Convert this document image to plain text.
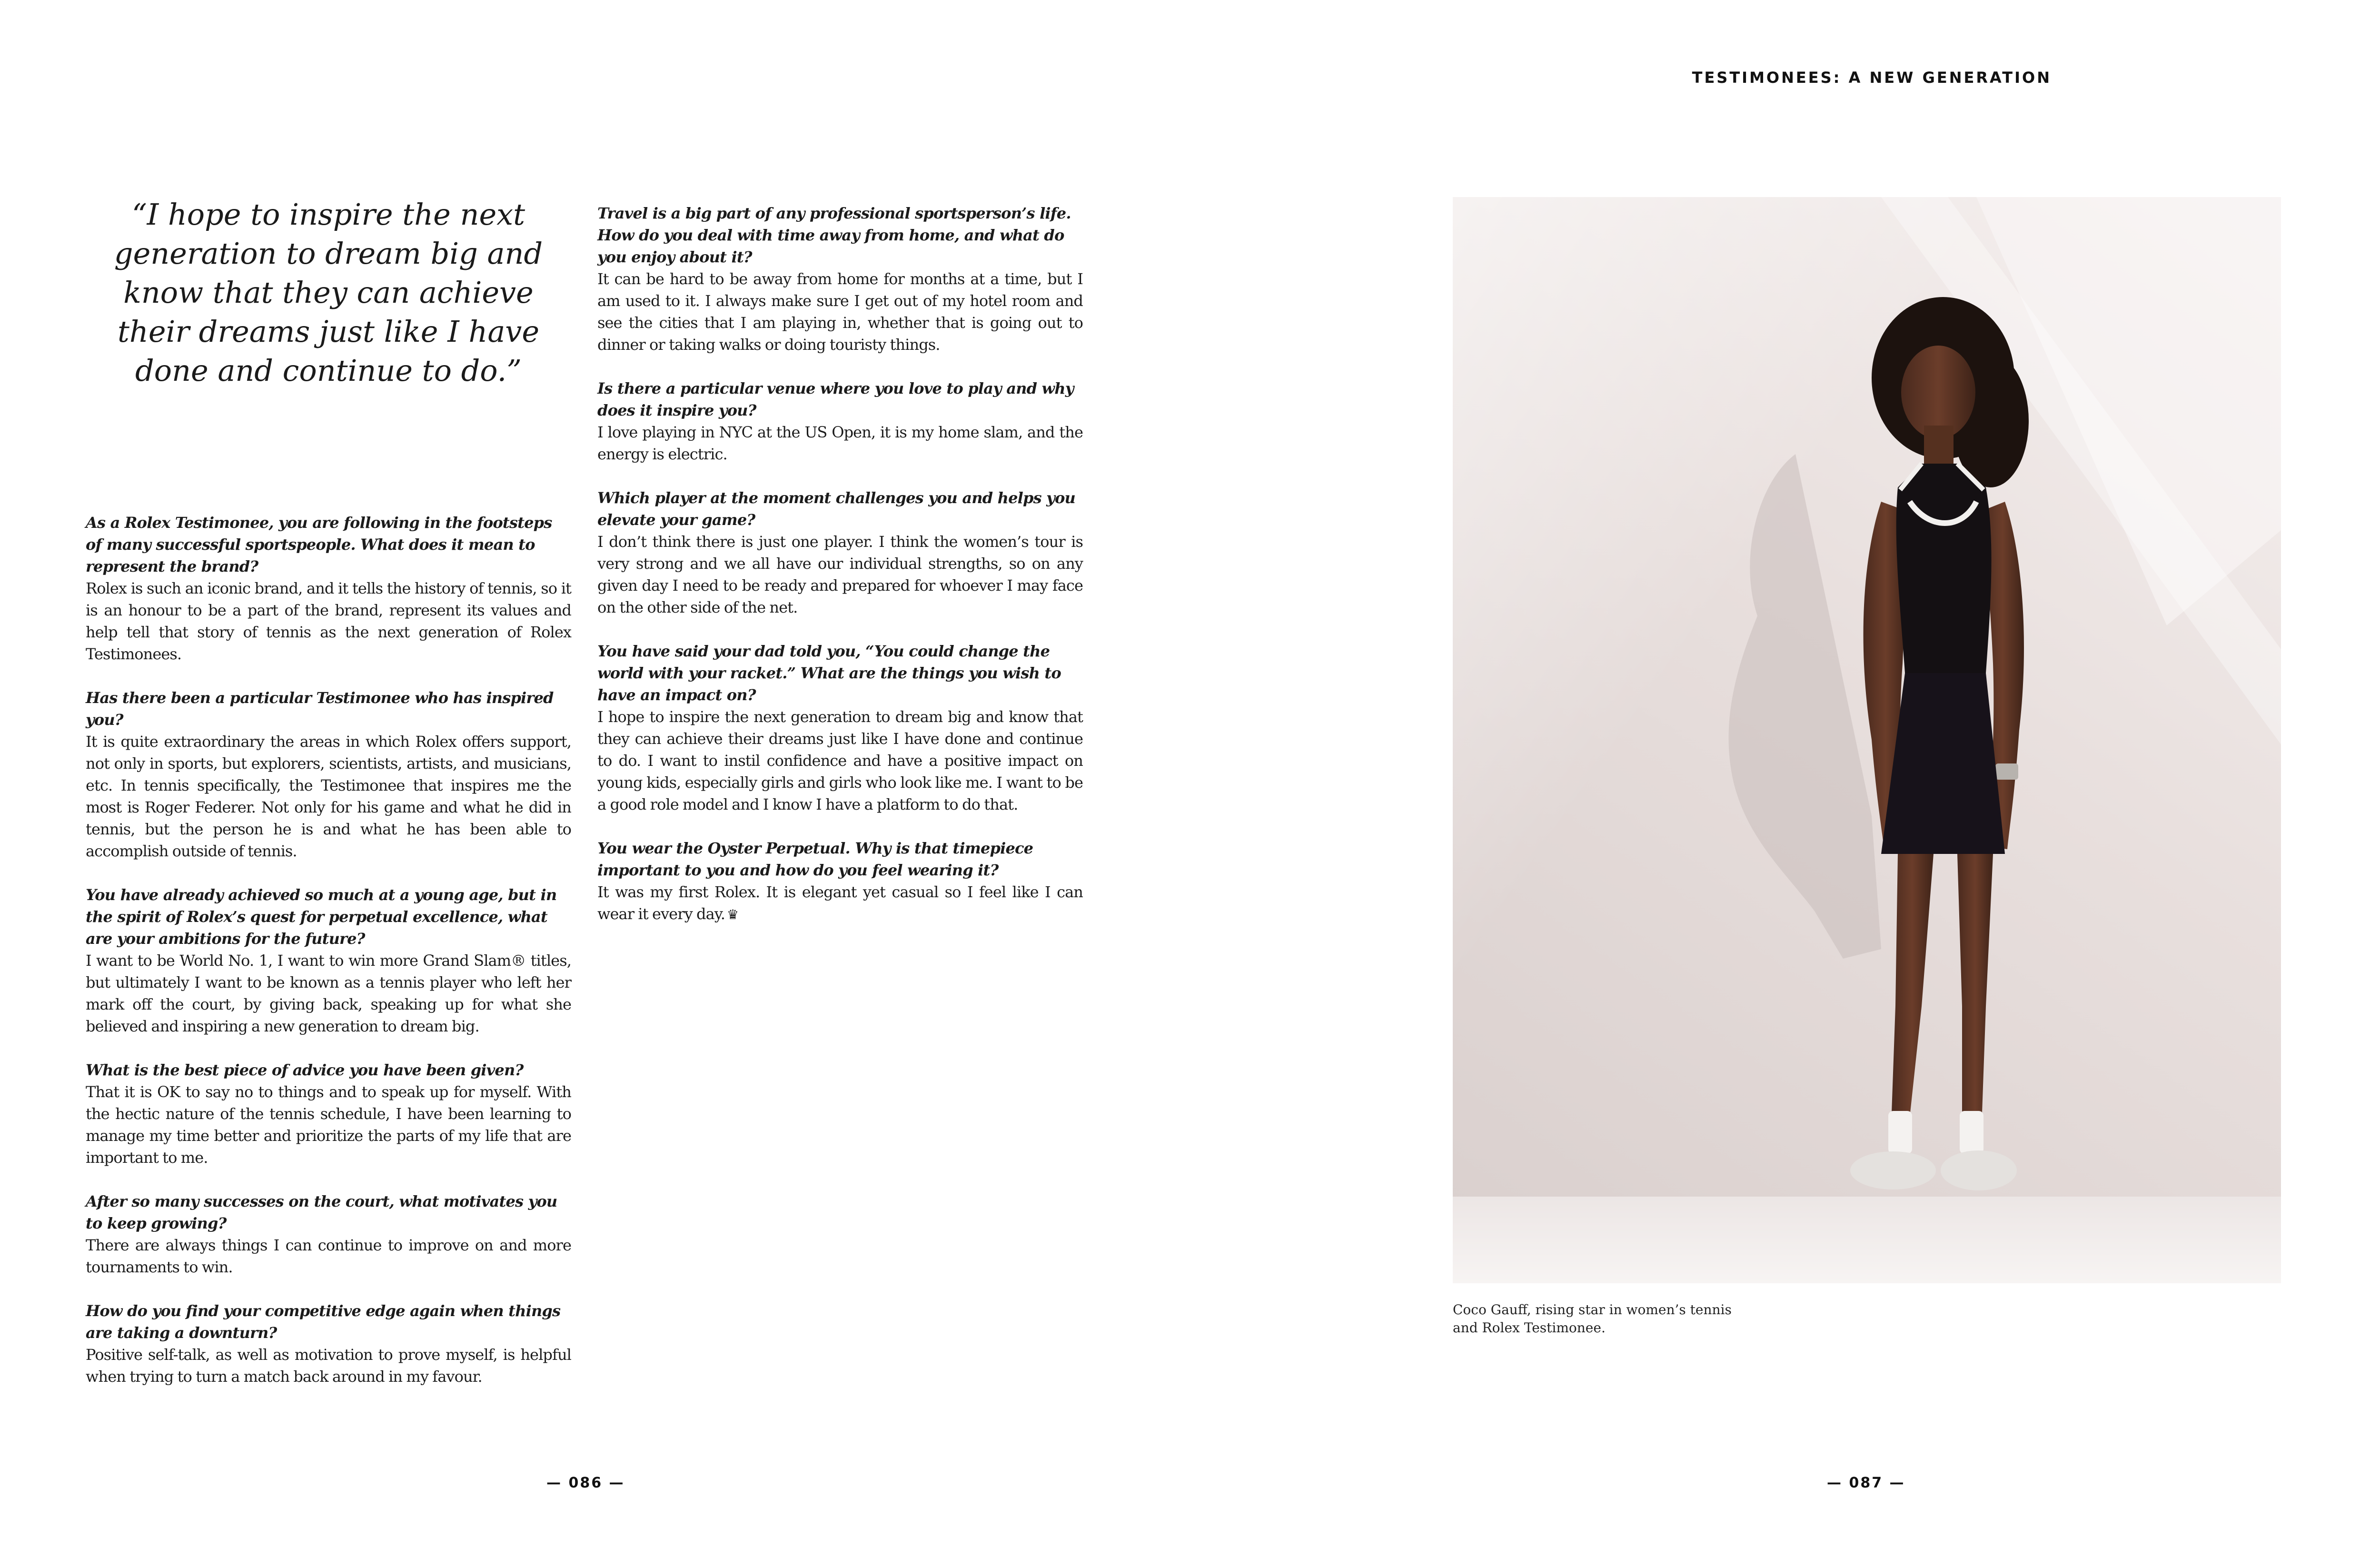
TESTIMONEES: A NEW GENERATION
“I hope to inspire the next generation to dream big and know that they can achieve their dreams just like I have done and continue to do.”

As a Rolex Testimonee, you are following in the footsteps of many successful sportspeople. What does it mean to represent the brand?

Rolex is such an iconic brand, and it tells the history of tennis, so it is an honour to be a part of the brand, represent its values and help tell that story of tennis as the next generation of Rolex Testimonees.

Has there been a particular Testimonee who has inspired you?

It is quite extraordinary the areas in which Rolex offers support, not only in sports, but explorers, scientists, artists, and musicians, etc. In tennis specifically, the Testimonee that inspires me the most is Roger Federer. Not only for his game and what he did in tennis, but the person he is and what he has been able to accomplish outside of tennis.

You have already achieved so much at a young age, but in the spirit of Rolex’s quest for perpetual excellence, what are your ambitions for the future?

I want to be World No. 1, I want to win more Grand Slam® titles, but ultimately I want to be known as a tennis player who left her mark off the court, by giving back, speaking up for what she believed and inspiring a new generation to dream big.

What is the best piece of advice you have been given?

That it is OK to say no to things and to speak up for myself. With the hectic nature of the tennis schedule, I have been learning to manage my time better and prioritize the parts of my life that are important to me.

After so many successes on the court, what motivates you to keep growing?

There are always things I can continue to improve on and more tournaments to win.

How do you find your competitive edge again when things are taking a downturn?

Positive self-talk, as well as motivation to prove myself, is helpful when trying to turn a match back around in my favour.

Travel is a big part of any professional sportsperson’s life. How do you deal with time away from home, and what do you enjoy about it?

It can be hard to be away from home for months at a time, but I am used to it. I always make sure I get out of my hotel room and see the cities that I am playing in, whether that is going out to dinner or taking walks or doing touristy things.

Is there a particular venue where you love to play and why does it inspire you?

I love playing in NYC at the US Open, it is my home slam, and the energy is electric.

Which player at the moment challenges you and helps you elevate your game?

I don’t think there is just one player. I think the women’s tour is very strong and we all have our individual strengths, so on any given day I need to be ready and prepared for whoever I may face on the other side of the net.

You have said your dad told you, “You could change the world with your racket.” What are the things you wish to have an impact on?

I hope to inspire the next generation to dream big and know that they can achieve their dreams just like I have done and continue to do. I want to instil confidence and have a positive impact on young kids, especially girls and girls who look like me. I want to be a good role model and I know I have a platform to do that.

You wear the Oyster Perpetual. Why is that timepiece important to you and how do you feel wearing it?

It was my first Rolex. It is elegant yet casual so I feel like I can wear it every day. ♛

— 086 —	— 087 —
Coco Gauff, rising star in women’s tennis and Rolex Testimonee.
